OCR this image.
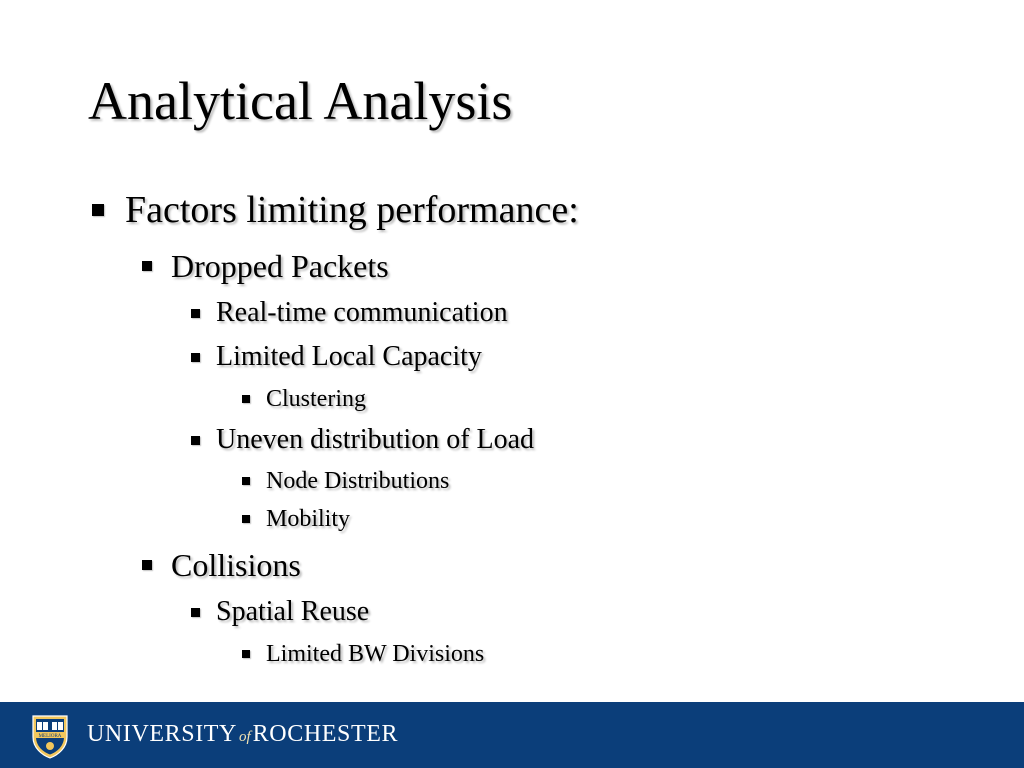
Analytical Analysis
Factors limiting performance:
Dropped Packets
Real-time communication
Limited Local Capacity
Clustering
Uneven distribution of Load
Node Distributions
Mobility
Collisions
Spatial Reuse
Limited BW Divisions
MELIORA UNIVERSITY ofROCHESTER
